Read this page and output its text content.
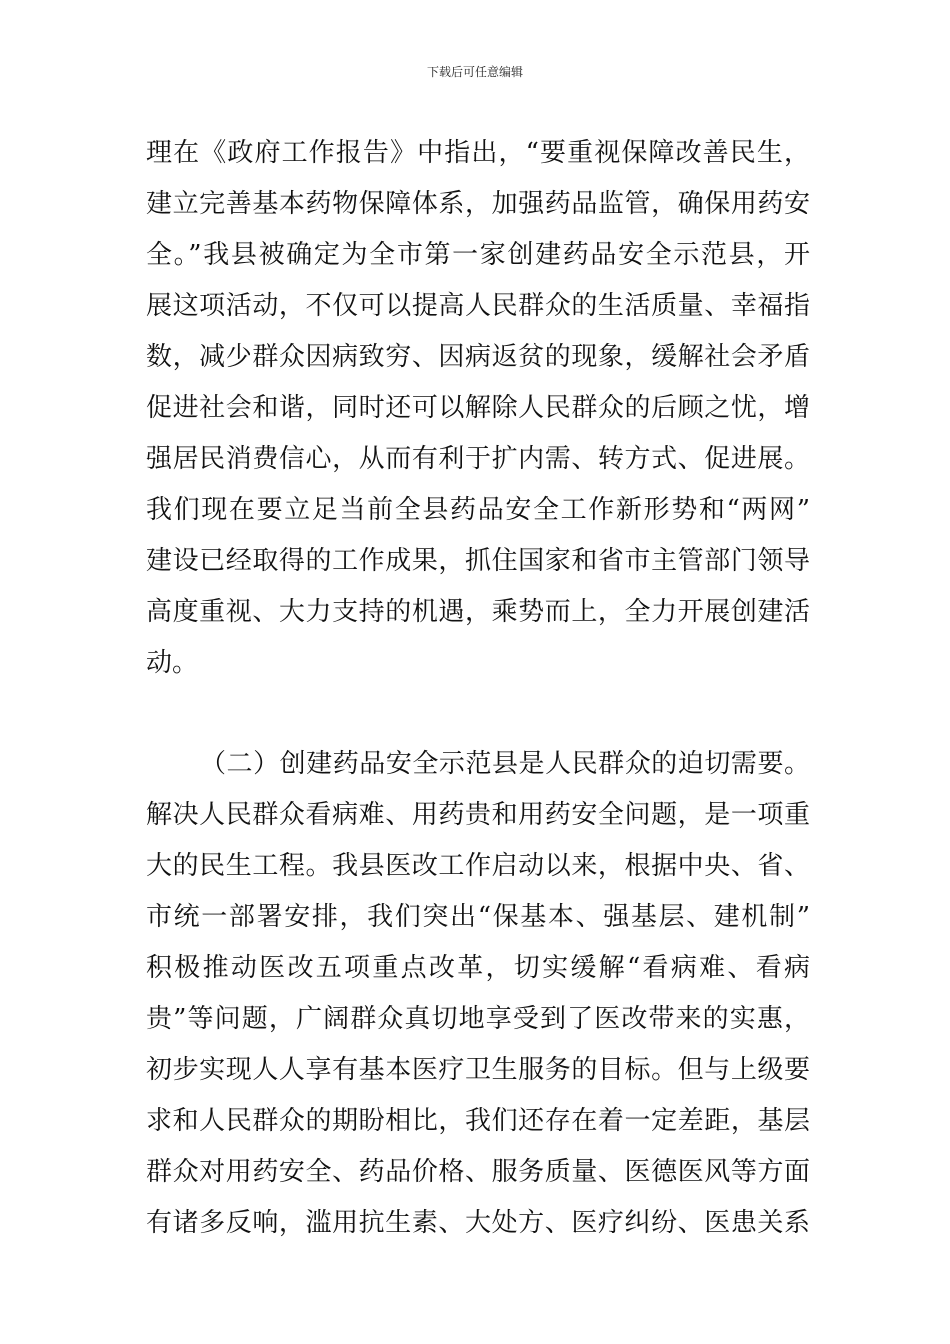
下载后可任意编辑
理在《政府工作报告》中指出，“要重视保障改善民生，
建立完善基本药物保障体系，加强药品监管，确保用药安
全。”我县被确定为全市第一家创建药品安全示范县，开
展这项活动，不仅可以提高人民群众的生活质量、幸福指
数，减少群众因病致穷、因病返贫的现象，缓解社会矛盾
促进社会和谐，同时还可以解除人民群众的后顾之忧，增
强居民消费信心，从而有利于扩内需、转方式、促进展。
我们现在要立足当前全县药品安全工作新形势和“两网”
建设已经取得的工作成果，抓住国家和省市主管部门领导
高度重视、大力支持的机遇，乘势而上，全力开展创建活
动。
（二）创建药品安全示范县是人民群众的迫切需要。
解决人民群众看病难、用药贵和用药安全问题，是一项重
大的民生工程。我县医改工作启动以来，根据中央、省、
市统一部署安排，我们突出“保基本、强基层、建机制”
积极推动医改五项重点改革，切实缓解“看病难、看病
贵”等问题，广阔群众真切地享受到了医改带来的实惠，
初步实现人人享有基本医疗卫生服务的目标。但与上级要
求和人民群众的期盼相比，我们还存在着一定差距，基层
群众对用药安全、药品价格、服务质量、医德医风等方面
有诸多反响，滥用抗生素、大处方、医疗纠纷、医患关系
